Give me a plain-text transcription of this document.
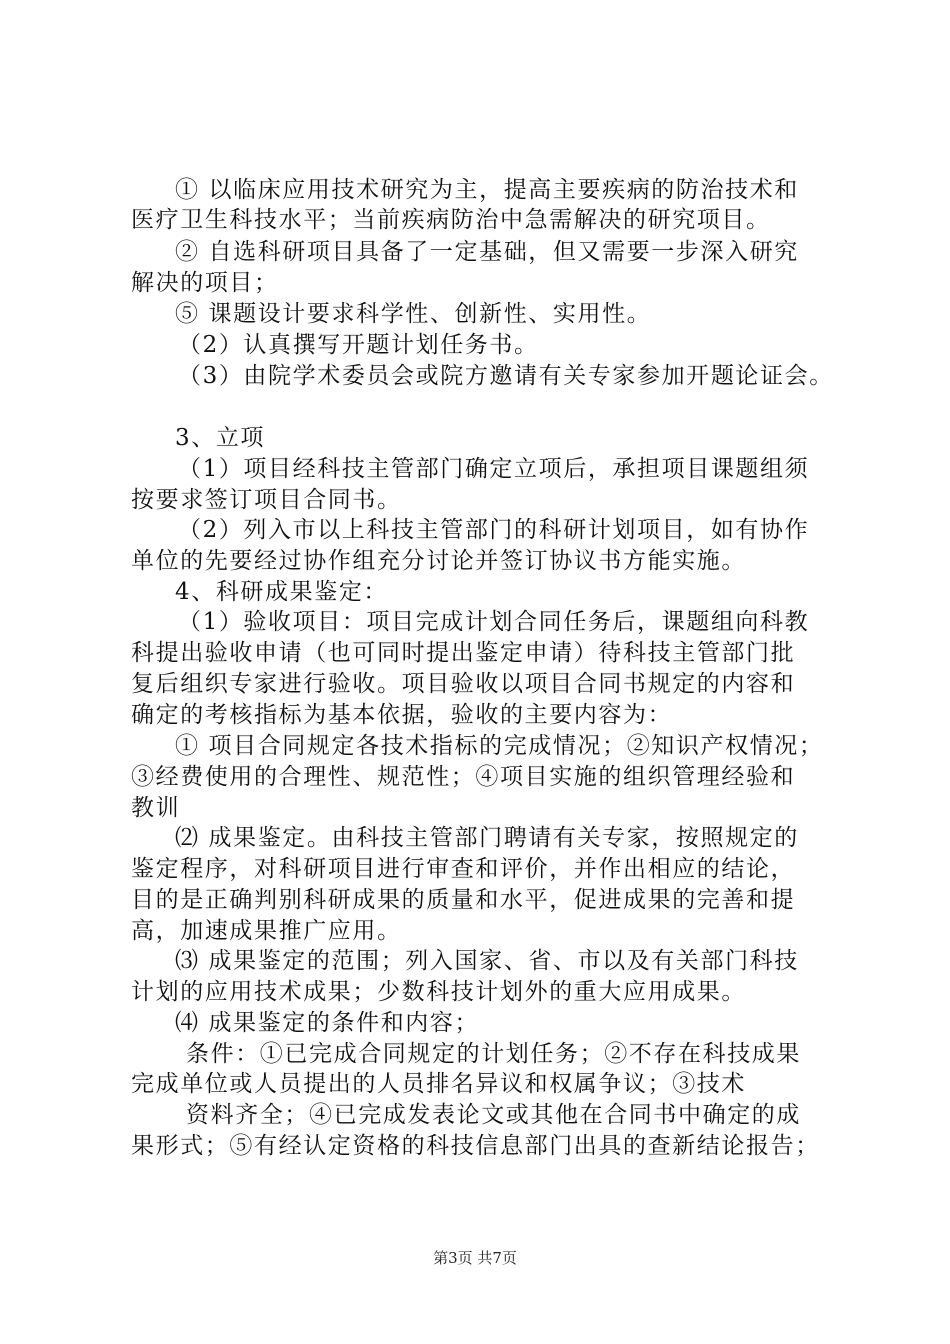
① 以临床应用技术研究为主，提高主要疾病的防治技术和
医疗卫生科技水平；当前疾病防治中急需解决的研究项目。
② 自选科研项目具备了一定基础，但又需要一步深入研究
解决的项目；
⑤ 课题设计要求科学性、创新性、实用性。
（2）认真撰写开题计划任务书。
（3）由院学术委员会或院方邀请有关专家参加开题论证会。
3、立项
（1）项目经科技主管部门确定立项后，承担项目课题组须
按要求签订项目合同书。
（2）列入市以上科技主管部门的科研计划项目，如有协作
单位的先要经过协作组充分讨论并签订协议书方能实施。
4、科研成果鉴定：
（1）验收项目：项目完成计划合同任务后，课题组向科教
科提出验收申请（也可同时提出鉴定申请）待科技主管部门批
复后组织专家进行验收。项目验收以项目合同书规定的内容和
确定的考核指标为基本依据，验收的主要内容为：
① 项目合同规定各技术指标的完成情况；②知识产权情况；
③经费使用的合理性、规范性；④项目实施的组织管理经验和
教训
⑵ 成果鉴定。由科技主管部门聘请有关专家，按照规定的
鉴定程序，对科研项目进行审查和评价，并作出相应的结论，
目的是正确判别科研成果的质量和水平，促进成果的完善和提
高，加速成果推广应用。
⑶ 成果鉴定的范围；列入国家、省、市以及有关部门科技
计划的应用技术成果；少数科技计划外的重大应用成果。
⑷ 成果鉴定的条件和内容；
条件：①已完成合同规定的计划任务；②不存在科技成果
完成单位或人员提出的人员排名异议和权属争议；③技术
资料齐全；④已完成发表论文或其他在合同书中确定的成
果形式；⑤有经认定资格的科技信息部门出具的查新结论报告；
第3页 共7页
